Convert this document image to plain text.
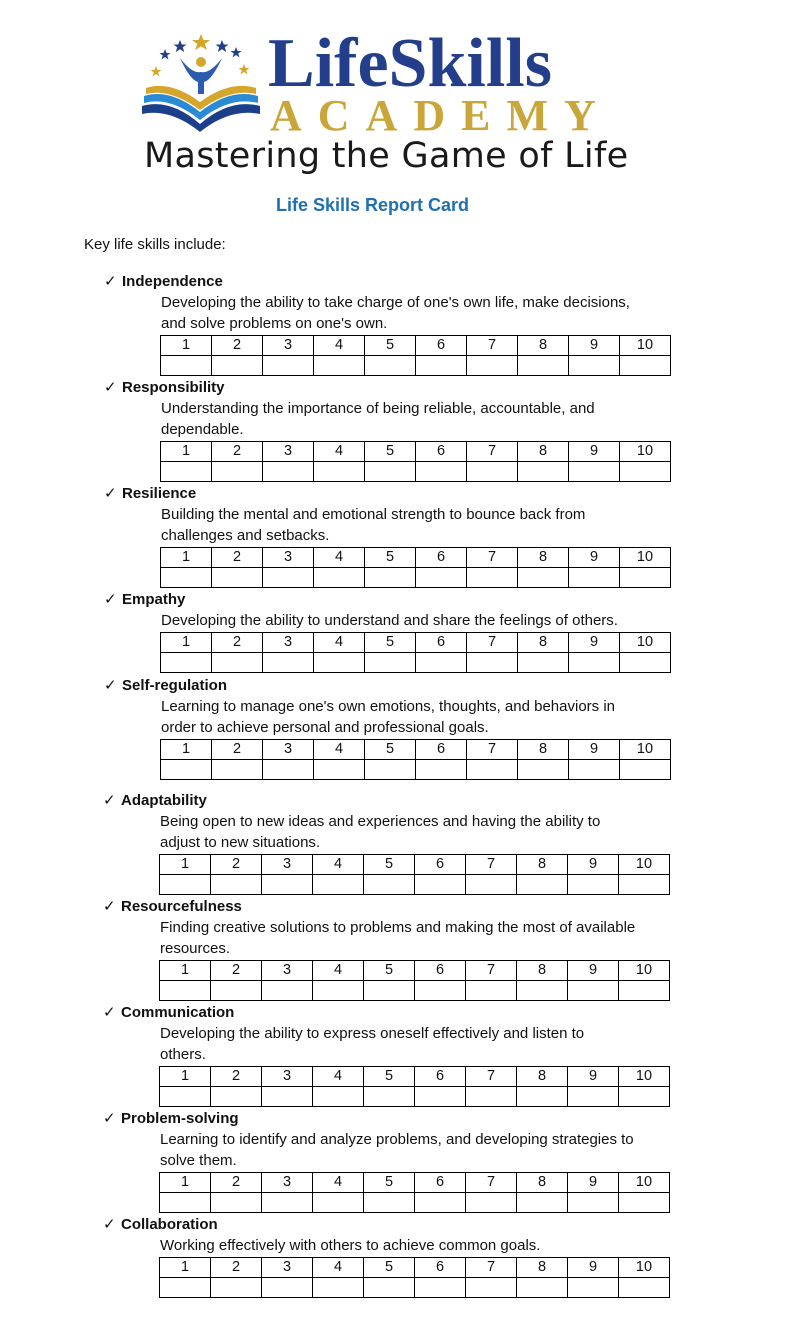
LifeSkills
ACADEMY
Mastering the Game of Life
Life Skills Report Card
Key life skills include:
✓ Independence
Developing the ability to take charge of one's own life, make decisions,
and solve problems on one's own.
1	2	3	4	5	6	7	8	9	10

✓ Responsibility
Understanding the importance of being reliable, accountable, and
dependable.
1	2	3	4	5	6	7	8	9	10

✓ Resilience
Building the mental and emotional strength to bounce back from
challenges and setbacks.
1	2	3	4	5	6	7	8	9	10

✓ Empathy
Developing the ability to understand and share the feelings of others.
1	2	3	4	5	6	7	8	9	10

✓ Self-regulation
Learning to manage one's own emotions, thoughts, and behaviors in
order to achieve personal and professional goals.
1	2	3	4	5	6	7	8	9	10

✓ Adaptability
Being open to new ideas and experiences and having the ability to
adjust to new situations.
1	2	3	4	5	6	7	8	9	10

✓ Resourcefulness
Finding creative solutions to problems and making the most of available
resources.
1	2	3	4	5	6	7	8	9	10

✓ Communication
Developing the ability to express oneself effectively and listen to
others.
1	2	3	4	5	6	7	8	9	10

✓ Problem-solving
Learning to identify and analyze problems, and developing strategies to
solve them.
1	2	3	4	5	6	7	8	9	10

✓ Collaboration
Working effectively with others to achieve common goals.
1	2	3	4	5	6	7	8	9	10
